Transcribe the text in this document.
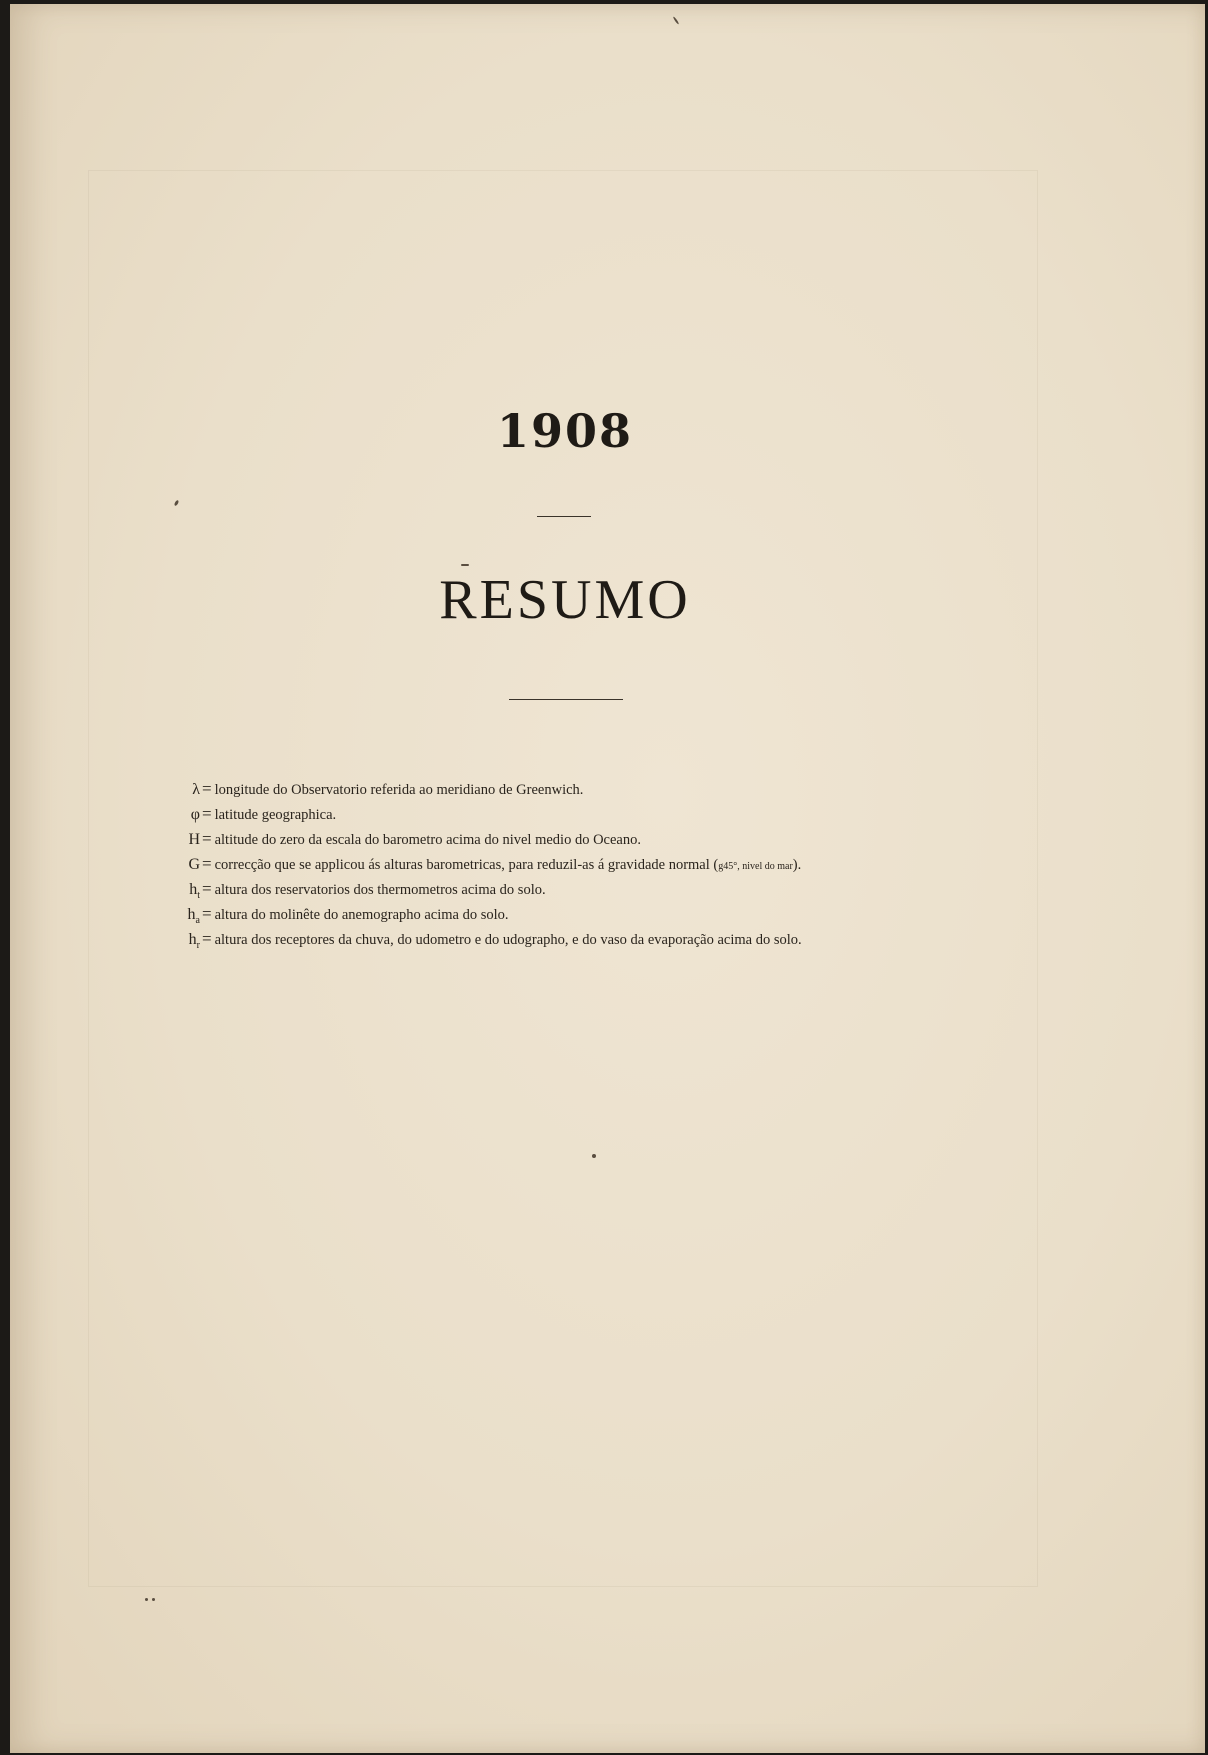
1908
RESUMO
λ = longitude do Observatorio referida ao meridiano de Greenwich.
φ = latitude geographica.
H = altitude do zero da escala do barometro acima do nivel medio do Oceano.
G = correcção que se applicou ás alturas barometricas, para reduzil-as á gravidade normal (g45°, nivel do mar).
$h_t$ = altura dos reservatorios dos thermometros acima do solo.
$h_a$ = altura do molinête do anemographo acima do solo.
$h_r$ = altura dos receptores da chuva, do udometro e do udographo, e do vaso da evaporação acima do solo.
